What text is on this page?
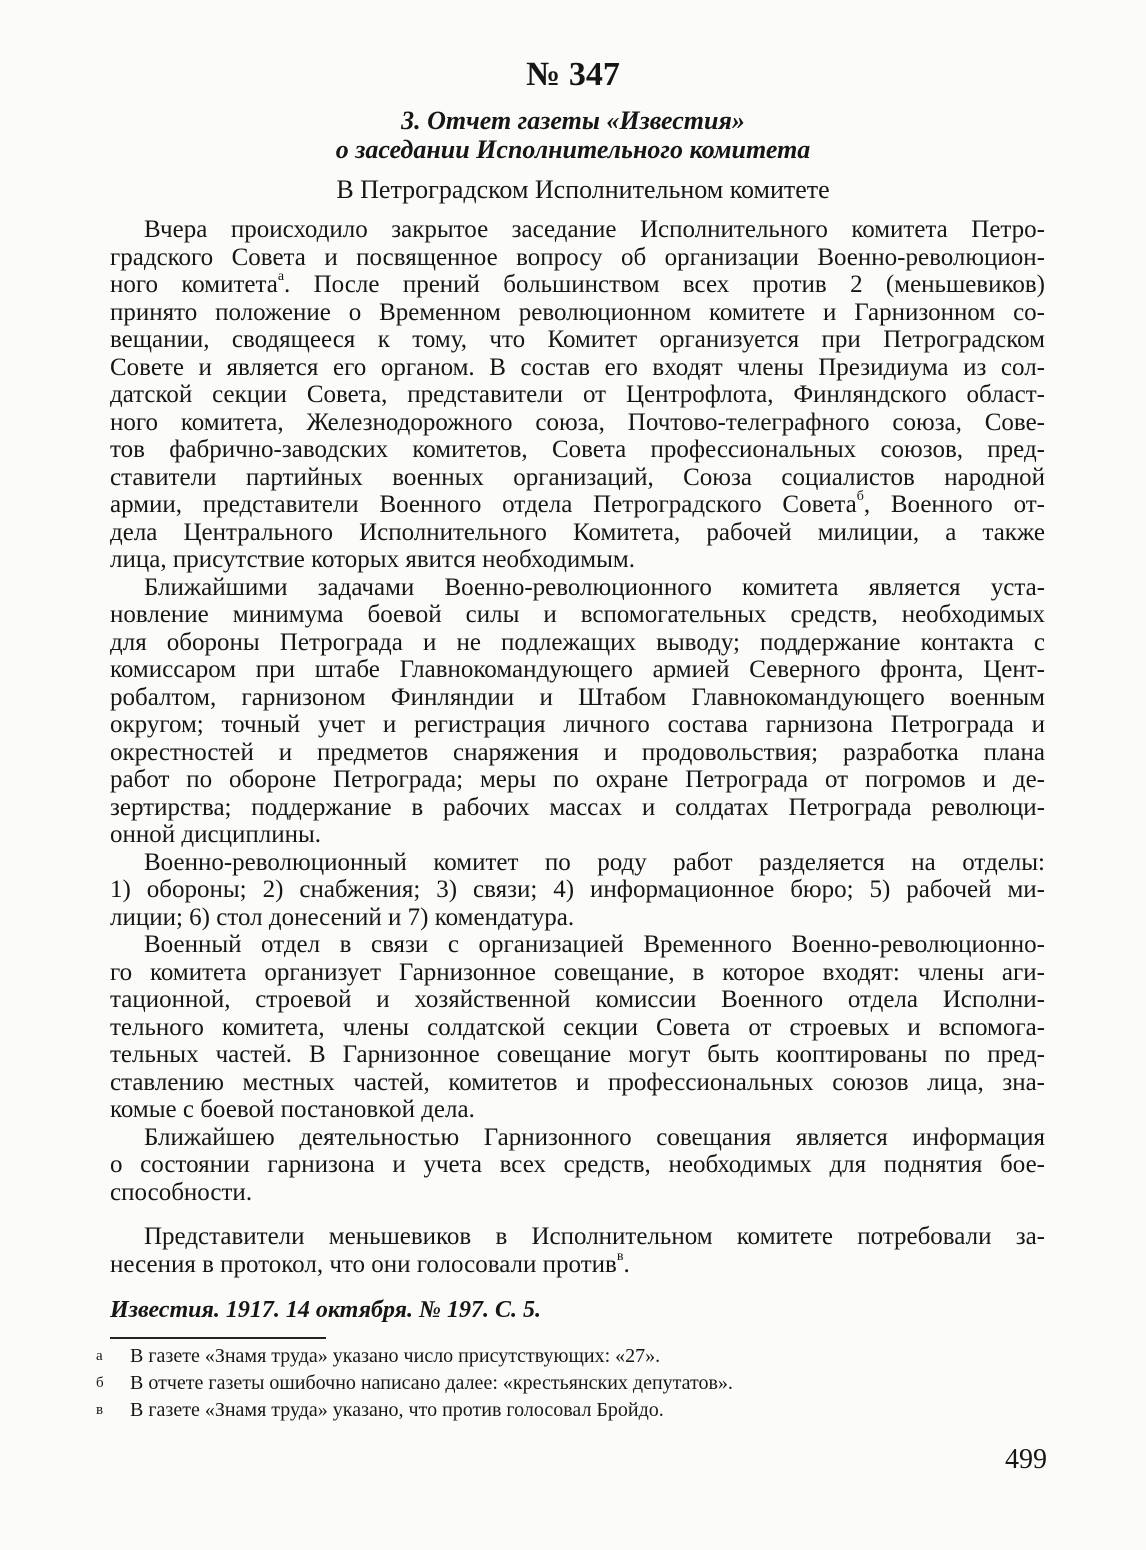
№ 347
3. Отчет газеты «Известия»
о заседании Исполнительного комитета
В Петроградском Исполнительном комитете
Вчера происходило закрытое заседание Исполнительного комитета Петро-
градского Совета и посвященное вопросу об организации Военно-революцион-
ного комитета$^а$. После прений большинством всех против 2 (меньшевиков)
принято положение о Временном революционном комитете и Гарнизонном со-
вещании, сводящееся к тому, что Комитет организуется при Петроградском
Совете и является его органом. В состав его входят члены Президиума из сол-
датской секции Совета, представители от Центрофлота, Финляндского област-
ного комитета, Железнодорожного союза, Почтово-телеграфного союза, Сове-
тов фабрично-заводских комитетов, Совета профессиональных союзов, пред-
ставители партийных военных организаций, Союза социалистов народной
армии, представители Военного отдела Петроградского Совета$^б$, Военного от-
дела Центрального Исполнительного Комитета, рабочей милиции, а также
лица, присутствие которых явится необходимым.
Ближайшими задачами Военно-революционного комитета является уста-
новление минимума боевой силы и вспомогательных средств, необходимых
для обороны Петрограда и не подлежащих выводу; поддержание контакта с
комиссаром при штабе Главнокомандующего армией Северного фронта, Цент-
робалтом, гарнизоном Финляндии и Штабом Главнокомандующего военным
округом; точный учет и регистрация личного состава гарнизона Петрограда и
окрестностей и предметов снаряжения и продовольствия; разработка плана
работ по обороне Петрограда; меры по охране Петрограда от погромов и де-
зертирства; поддержание в рабочих массах и солдатах Петрограда революци-
онной дисциплины.
Военно-революционный комитет по роду работ разделяется на отделы:
1) обороны; 2) снабжения; 3) связи; 4) информационное бюро; 5) рабочей ми-
лиции; 6) стол донесений и 7) комендатура.
Военный отдел в связи с организацией Временного Военно-революционно-
го комитета организует Гарнизонное совещание, в которое входят: члены аги-
тационной, строевой и хозяйственной комиссии Военного отдела Исполни-
тельного комитета, члены солдатской секции Совета от строевых и вспомога-
тельных частей. В Гарнизонное совещание могут быть кооптированы по пред-
ставлению местных частей, комитетов и профессиональных союзов лица, зна-
комые с боевой постановкой дела.
Ближайшею деятельностью Гарнизонного совещания является информация
о состоянии гарнизона и учета всех средств, необходимых для поднятия бое-
способности.
Представители меньшевиков в Исполнительном комитете потребовали за-
несения в протокол, что они голосовали против$^в$.
Известия. 1917. 14 октября. № 197. С. 5.
а	В газете «Знамя труда» указано число присутствующих: «27».
б	В отчете газеты ошибочно написано далее: «крестьянских депутатов».
в	В газете «Знамя труда» указано, что против голосовал Бройдо.
499
